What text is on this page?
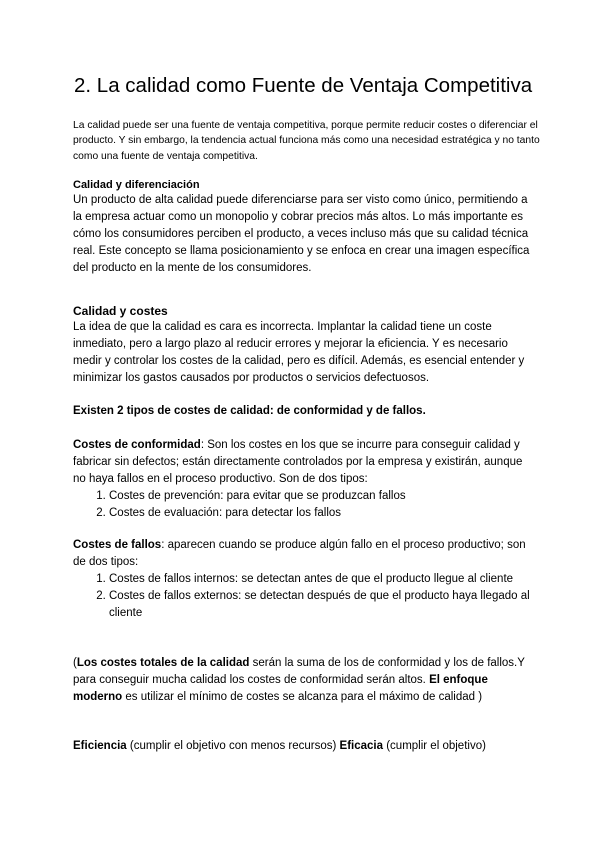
2. La calidad como Fuente de Ventaja Competitiva

La calidad puede ser una fuente de ventaja competitiva, porque permite reducir costes o diferenciar el producto. Y sin embargo, la tendencia actual funciona más como una necesidad estratégica y no tanto como una fuente de ventaja competitiva.

Calidad y diferenciación

Un producto de alta calidad puede diferenciarse para ser visto como único, permitiendo a la empresa actuar como un monopolio y cobrar precios más altos. Lo más importante es cómo los consumidores perciben el producto, a veces incluso más que su calidad técnica real. Este concepto se llama posicionamiento y se enfoca en crear una imagen específica del producto en la mente de los consumidores.

Calidad y costes

La idea de que la calidad es cara es incorrecta. Implantar la calidad tiene un coste inmediato, pero a largo plazo al reducir errores y mejorar la eficiencia. Y es necesario medir y controlar los costes de la calidad, pero es difícil. Además, es esencial entender y minimizar los gastos causados por productos o servicios defectuosos.

Existen 2 tipos de costes de calidad: de conformidad y de fallos.

Costes de conformidad: Son los costes en los que se incurre para conseguir calidad y fabricar sin defectos; están directamente controlados por la empresa y existirán, aunque no haya fallos en el proceso productivo. Son de dos tipos:
1. Costes de prevención: para evitar que se produzcan fallos
2. Costes de evaluación: para detectar los fallos
Costes de fallos: aparecen cuando se produce algún fallo en el proceso productivo; son de dos tipos:
1. Costes de fallos internos: se detectan antes de que el producto llegue al cliente
2. Costes de fallos externos: se detectan después de que el producto haya llegado al cliente

(Los costes totales de la calidad serán la suma de los de conformidad y los de fallos.Y para conseguir mucha calidad los costes de conformidad serán altos. El enfoque moderno es utilizar el mínimo de costes se alcanza para el máximo de calidad )

Eficiencia (cumplir el objetivo con menos recursos) Eficacia (cumplir el objetivo)
